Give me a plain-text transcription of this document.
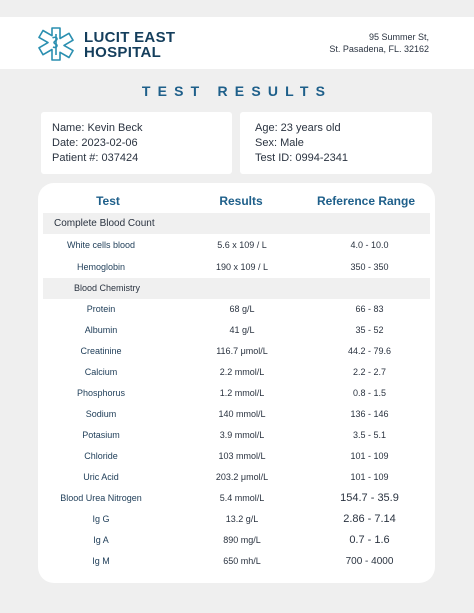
LUCIT EAST
HOSPITAL
95 Summer St,
St. Pasadena, FL. 32162
TEST RESULTS
Name: Kevin Beck
Date: 2023-02-06
Patient #: 037424
Age: 23 years old
Sex: Male
Test ID: 0994-2341
Test	Results	Reference Range
Complete Blood Count
White cells blood	5.6 x 109 / L	4.0 - 10.0
Hemoglobin	190 x 109 / L	350 - 350
Blood Chemistry
Protein	68 g/L	66 - 83
Albumin	41 g/L	35 - 52
Creatinine	116.7 μmol/L	44.2 - 79.6
Calcium	2.2 mmol/L	2.2 - 2.7
Phosphorus	1.2 mmol/L	0.8 - 1.5
Sodium	140 mmol/L	136 - 146
Potasium	3.9 mmol/L	3.5 - 5.1
Chloride	103 mmol/L	101 - 109
Uric Acid	203.2 μmol/L	101 - 109
Blood Urea Nitrogen	5.4 mmol/L	154.7 - 35.9
Ig G	13.2 g/L	2.86 - 7.14
Ig A	890 mg/L	0.7 - 1.6
Ig M	650 mh/L	700 - 4000
